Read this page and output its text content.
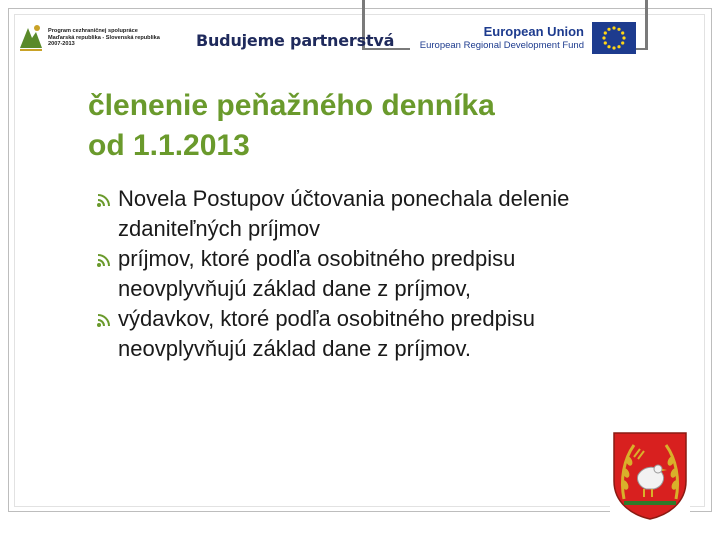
Program cezhraničnej spolupráce
Maďarská republika - Slovenská republika
2007-2013	Budujeme partnerstvá	European Union
European Regional Development Fund
členenie peňažného denníka
od 1.1.2013
Novela Postupov účtovania ponechala delenie zdaniteľných príjmov
príjmov, ktoré podľa osobitného predpisu neovplyvňujú základ dane z príjmov,
výdavkov, ktoré podľa osobitného predpisu neovplyvňujú základ dane z príjmov.
